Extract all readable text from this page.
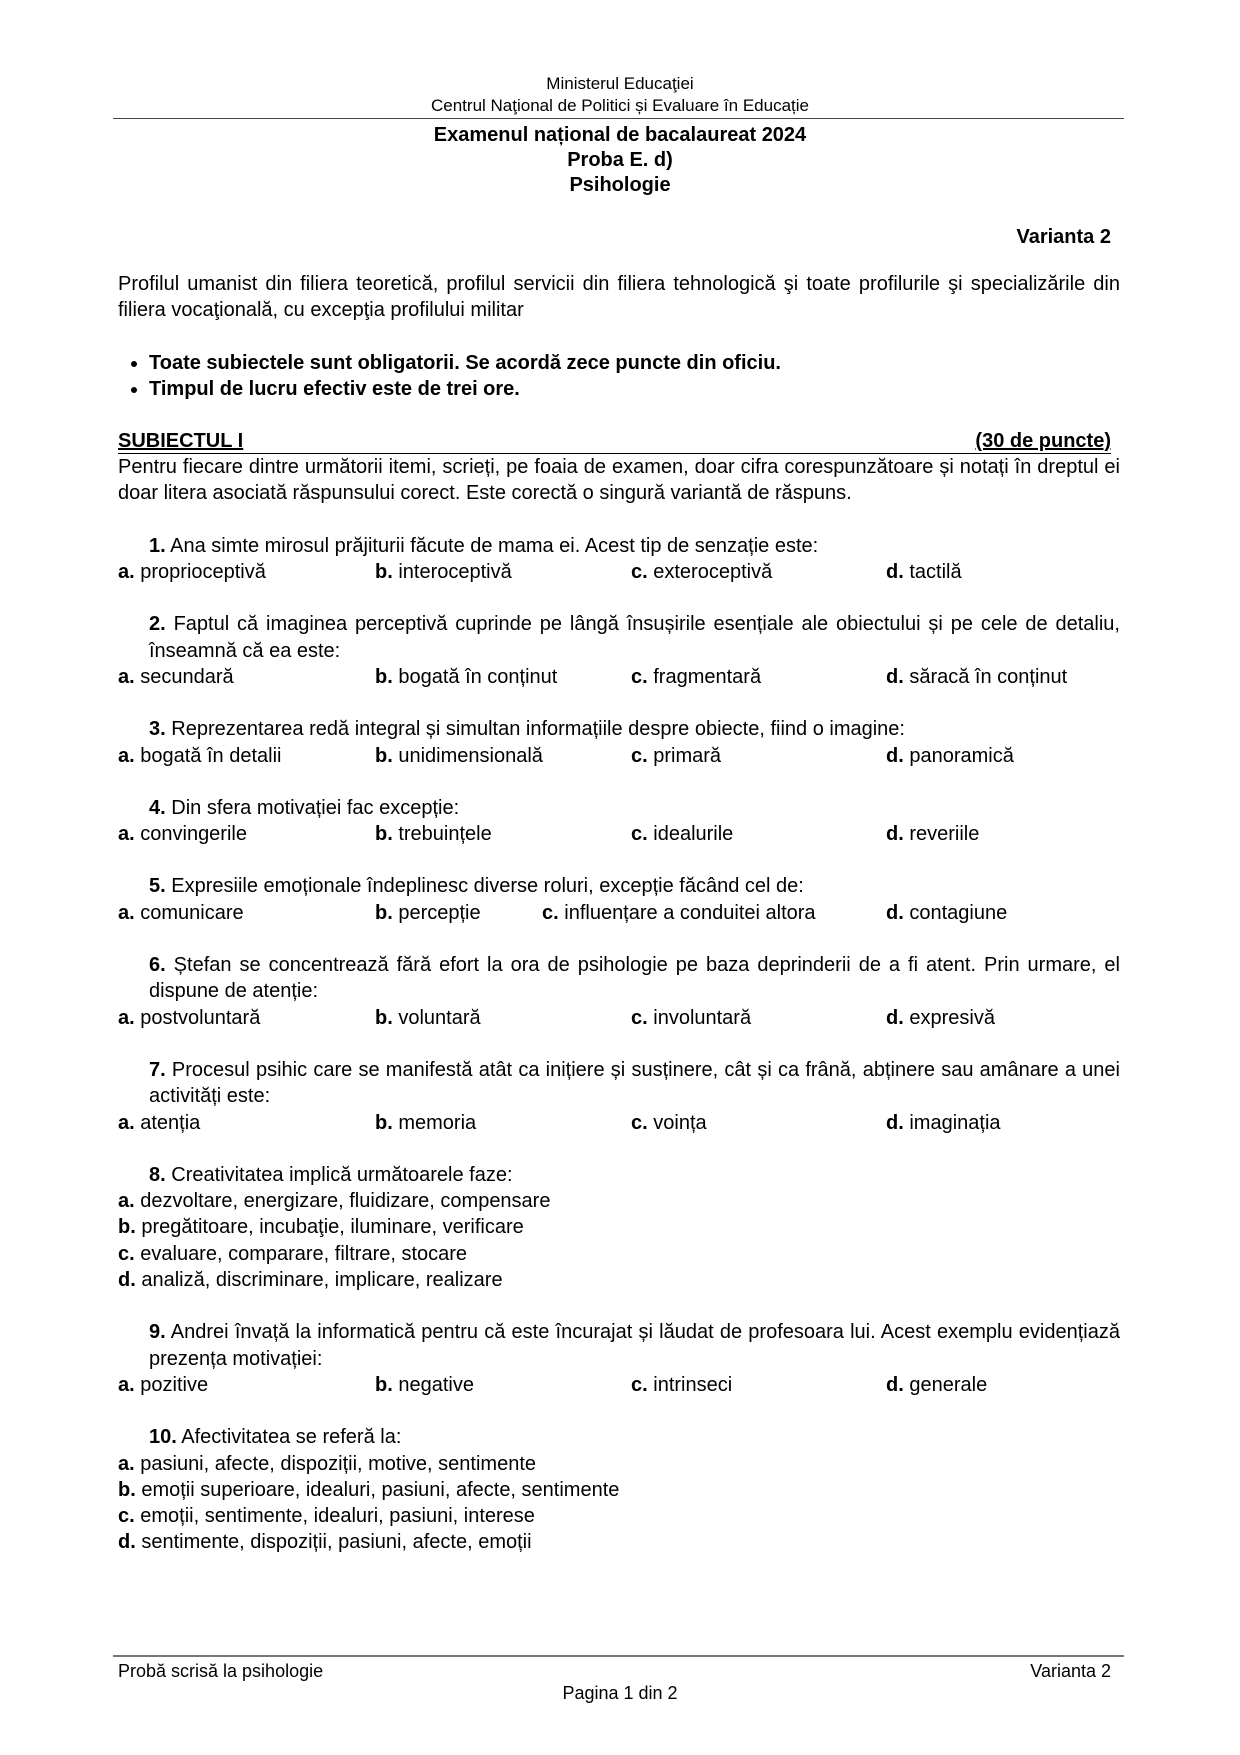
Ministerul Educaţiei
Centrul Naţional de Politici și Evaluare în Educație
Examenul național de bacalaureat 2024
Proba E. d)
Psihologie
Varianta 2
Profilul umanist din filiera teoretică, profilul servicii din filiera tehnologică şi toate profilurile şi specializările din filiera vocaţională, cu excepţia profilului militar
• Toate subiectele sunt obligatorii. Se acordă zece puncte din oficiu.
• Timpul de lucru efectiv este de trei ore.
SUBIECTUL I	(30 de puncte)
Pentru fiecare dintre următorii itemi, scrieți, pe foaia de examen, doar cifra corespunzătoare și notați în dreptul ei doar litera asociată răspunsului corect. Este corectă o singură variantă de răspuns.
1. Ana simte mirosul prăjiturii făcute de mama ei. Acest tip de senzație este:
a. proprioceptivă	b. interoceptivă	c. exteroceptivă	d. tactilă
2. Faptul că imaginea perceptivă cuprinde pe lângă însușirile esențiale ale obiectului și pe cele de detaliu, înseamnă că ea este:
a. secundară	b. bogată în conținut	c. fragmentară	d. săracă în conținut
3. Reprezentarea redă integral și simultan informațiile despre obiecte, fiind o imagine:
a. bogată în detalii	b. unidimensională	c. primară	d. panoramică
4. Din sfera motivației fac excepție:
a. convingerile	b. trebuințele	c. idealurile	d. reveriile
5. Expresiile emoționale îndeplinesc diverse roluri, excepție făcând cel de:
a. comunicare	b. percepție	c. influențare a conduitei altora	d. contagiune
6. Ștefan se concentrează fără efort la ora de psihologie pe baza deprinderii de a fi atent. Prin urmare, el dispune de atenție:
a. postvoluntară	b. voluntară	c. involuntară	d. expresivă
7. Procesul psihic care se manifestă atât ca inițiere și susținere, cât și ca frână, abținere sau amânare a unei activități este:
a. atenția	b. memoria	c. voința	d. imaginația
8. Creativitatea implică următoarele faze:
a. dezvoltare, energizare, fluidizare, compensare
b. pregătitoare, incubaţie, iluminare, verificare
c. evaluare, comparare, filtrare, stocare
d. analiză, discriminare, implicare, realizare
9. Andrei învață la informatică pentru că este încurajat și lăudat de profesoara lui. Acest exemplu evidențiază prezența motivației:
a. pozitive	b. negative	c. intrinseci	d. generale
10. Afectivitatea se referă la:
a. pasiuni, afecte, dispoziții, motive, sentimente
b. emoții superioare, idealuri, pasiuni, afecte, sentimente
c. emoții, sentimente, idealuri, pasiuni, interese
d. sentimente, dispoziții, pasiuni, afecte, emoții
Probă scrisă la psihologie	Varianta 2
Pagina 1 din 2
